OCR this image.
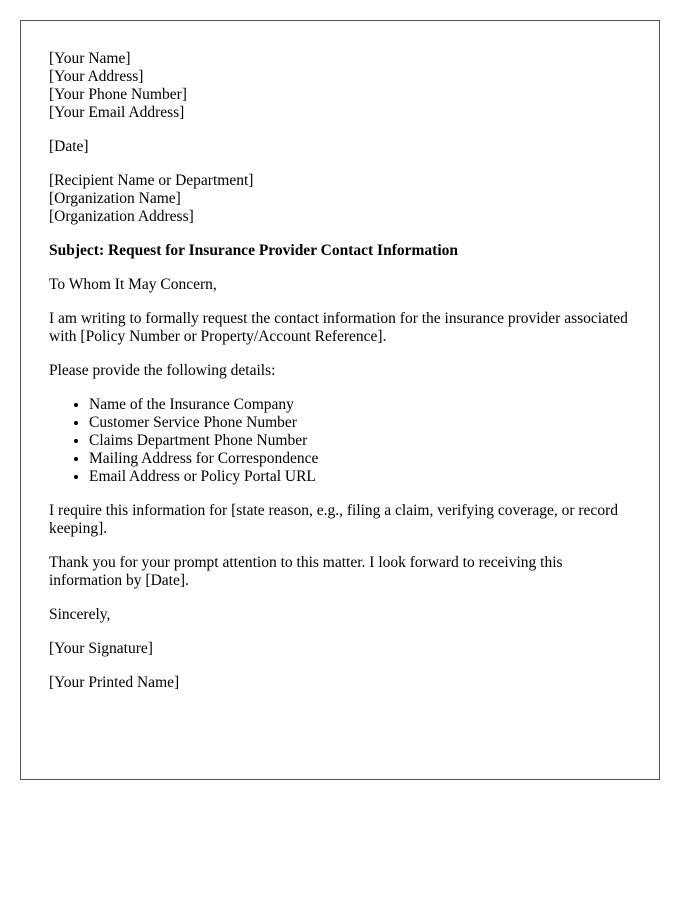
[Your Name]
[Your Address]
[Your Phone Number]
[Your Email Address]

[Date]

[Recipient Name or Department]
[Organization Name]
[Organization Address]

Subject: Request for Insurance Provider Contact Information

To Whom It May Concern,

I am writing to formally request the contact information for the insurance provider associated with [Policy Number or Property/Account Reference].

Please provide the following details:

• Name of the Insurance Company
• Customer Service Phone Number
• Claims Department Phone Number
• Mailing Address for Correspondence
• Email Address or Policy Portal URL

I require this information for [state reason, e.g., filing a claim, verifying coverage, or record keeping].

Thank you for your prompt attention to this matter. I look forward to receiving this information by [Date].

Sincerely,

[Your Signature]

[Your Printed Name]
